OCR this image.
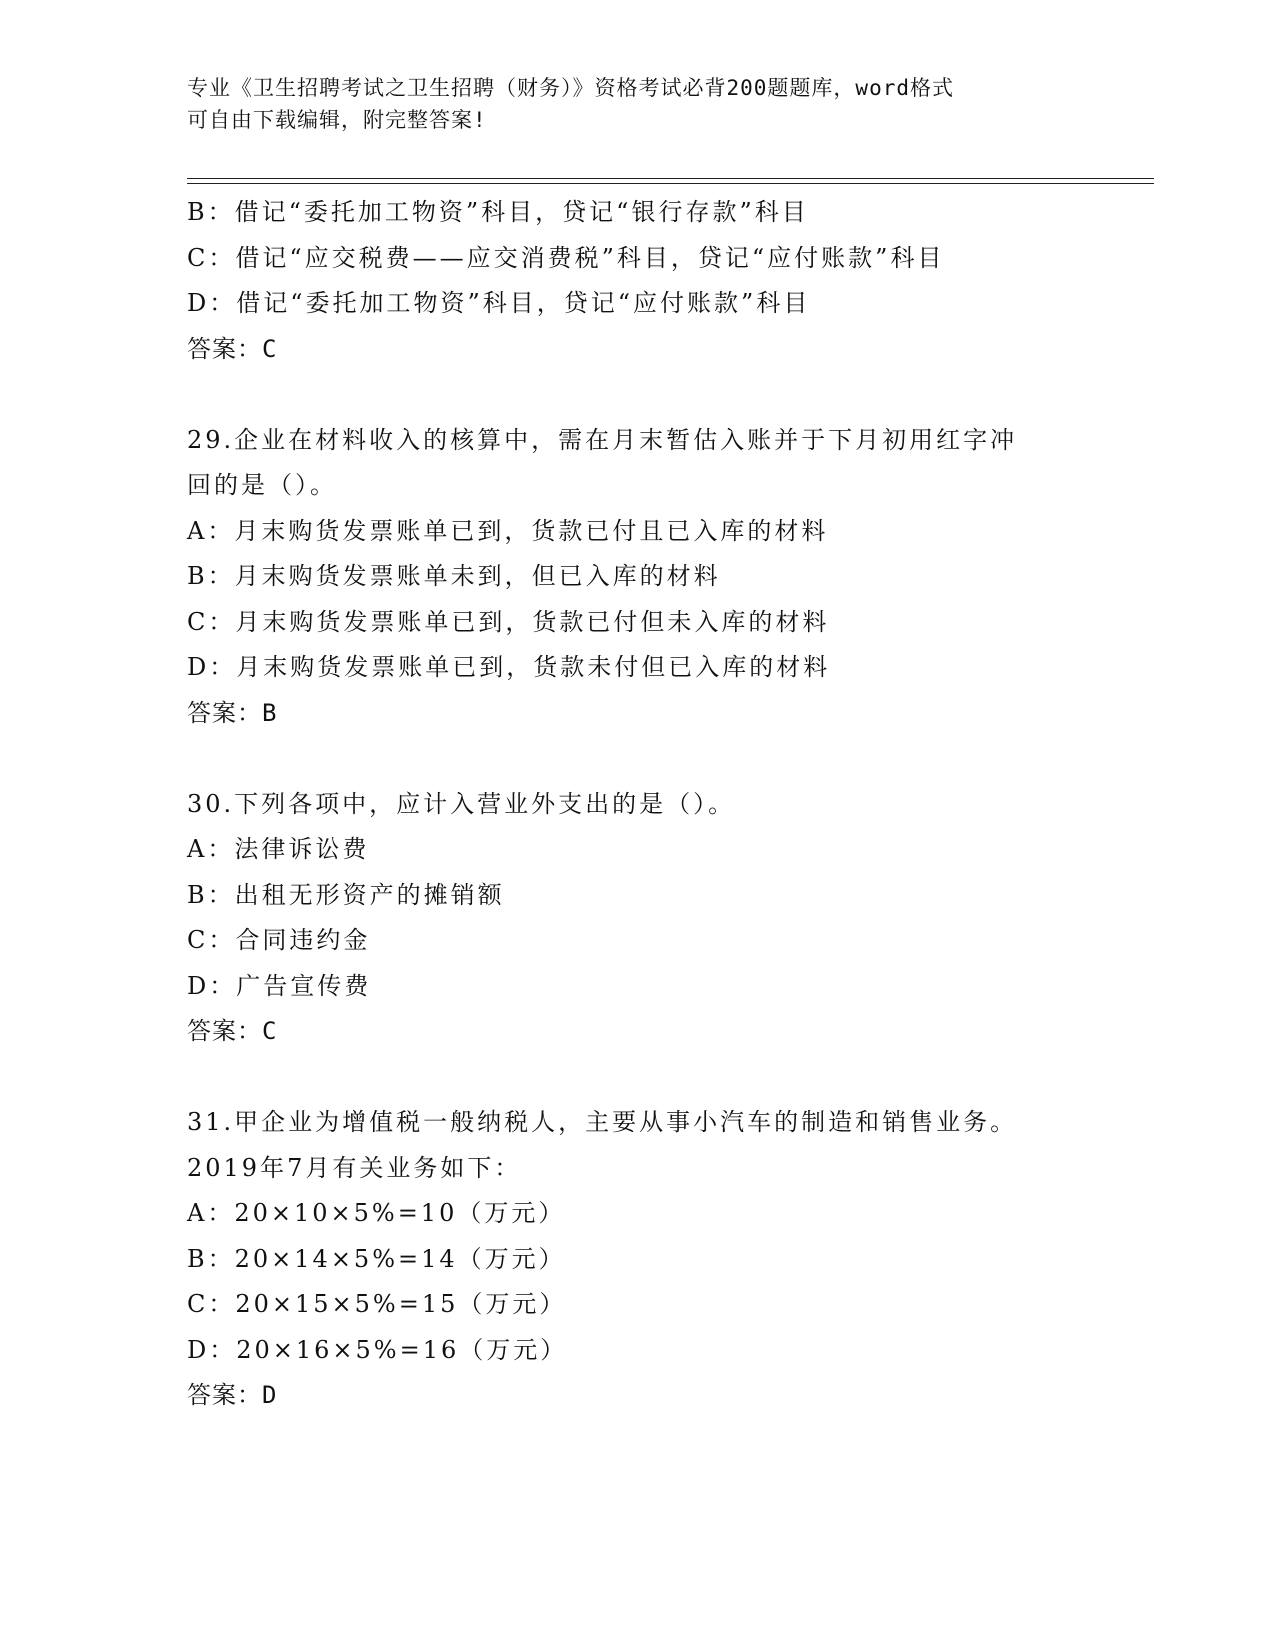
专业《卫生招聘考试之卫生招聘（财务）》资格考试必背200题题库，word格式
可自由下载编辑，附完整答案!
B：借记“委托加工物资”科目，贷记“银行存款”科目
C：借记“应交税费——应交消费税”科目，贷记“应付账款”科目
D：借记“委托加工物资”科目，贷记“应付账款”科目
答案：C
29.企业在材料收入的核算中，需在月末暂估入账并于下月初用红字冲
回的是（）。
A：月末购货发票账单已到，货款已付且已入库的材料
B：月末购货发票账单未到，但已入库的材料
C：月末购货发票账单已到，货款已付但未入库的材料
D：月末购货发票账单已到，货款未付但已入库的材料
答案：B
30.下列各项中，应计入营业外支出的是（）。
A：法律诉讼费
B：出租无形资产的摊销额
C：合同违约金
D：广告宣传费
答案：C
31.甲企业为增值税一般纳税人，主要从事小汽车的制造和销售业务。
2019年7月有关业务如下：
A：20×10×5%=10（万元）
B：20×14×5%=14（万元）
C：20×15×5%=15（万元）
D：20×16×5%=16（万元）
答案：D
